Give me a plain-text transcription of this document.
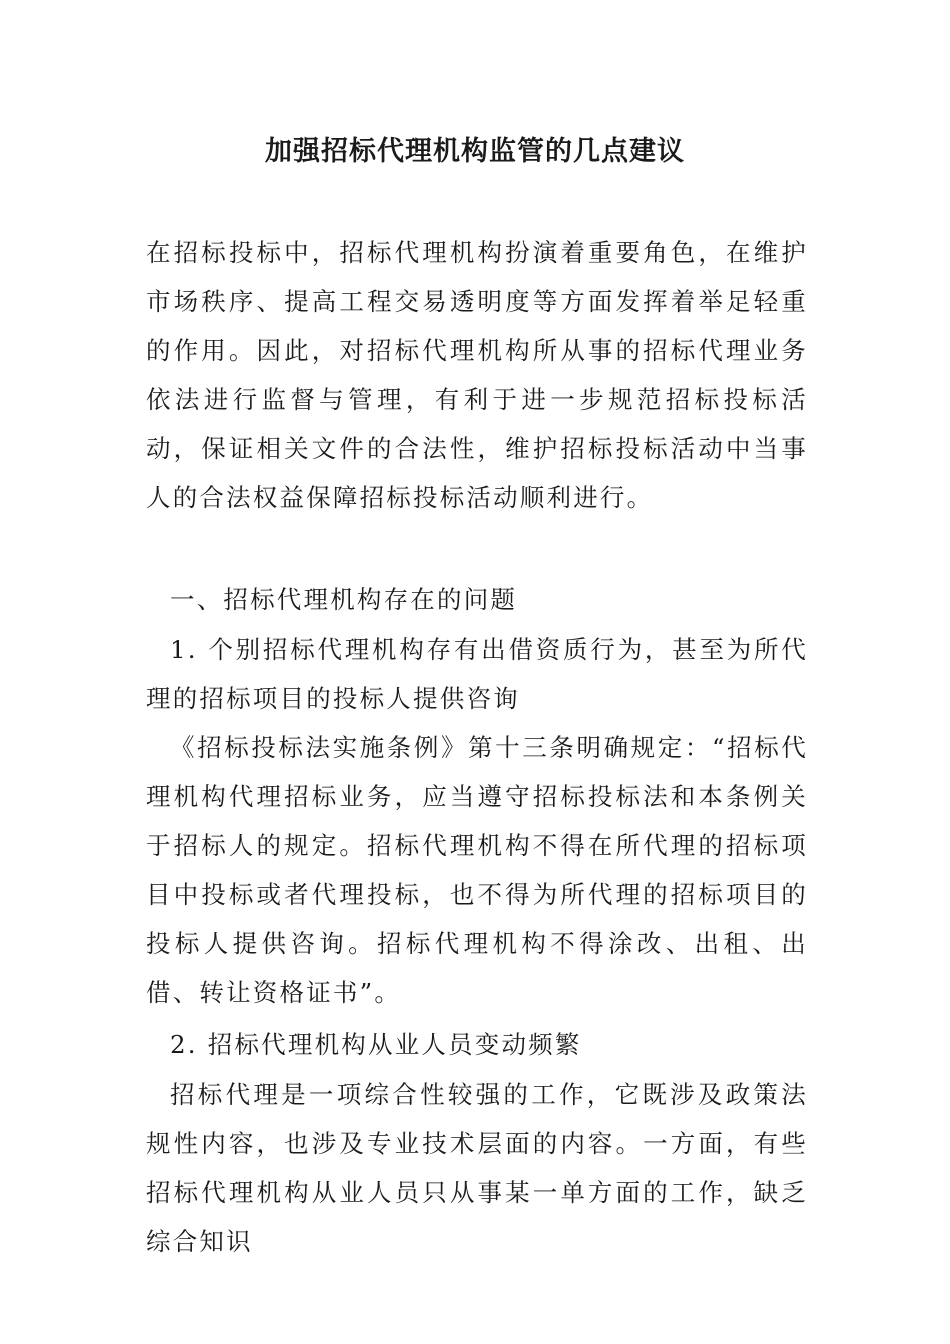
加强招标代理机构监管的几点建议

在招标投标中，招标代理机构扮演着重要角色，在维护市场秩序、提高工程交易透明度等方面发挥着举足轻重的作用。因此，对招标代理机构所从事的招标代理业务依法进行监督与管理，有利于进一步规范招标投标活动，保证相关文件的合法性，维护招标投标活动中当事人的合法权益保障招标投标活动顺利进行。

一、招标代理机构存在的问题

1. 个别招标代理机构存有出借资质行为，甚至为所代理的招标项目的投标人提供咨询

《招标投标法实施条例》第十三条明确规定：“招标代理机构代理招标业务，应当遵守招标投标法和本条例关于招标人的规定。招标代理机构不得在所代理的招标项目中投标或者代理投标，也不得为所代理的招标项目的投标人提供咨询。招标代理机构不得涂改、出租、出借、转让资格证书”。

2. 招标代理机构从业人员变动频繁

招标代理是一项综合性较强的工作，它既涉及政策法规性内容，也涉及专业技术层面的内容。一方面，有些招标代理机构从业人员只从事某一单方面的工作，缺乏综合知识
